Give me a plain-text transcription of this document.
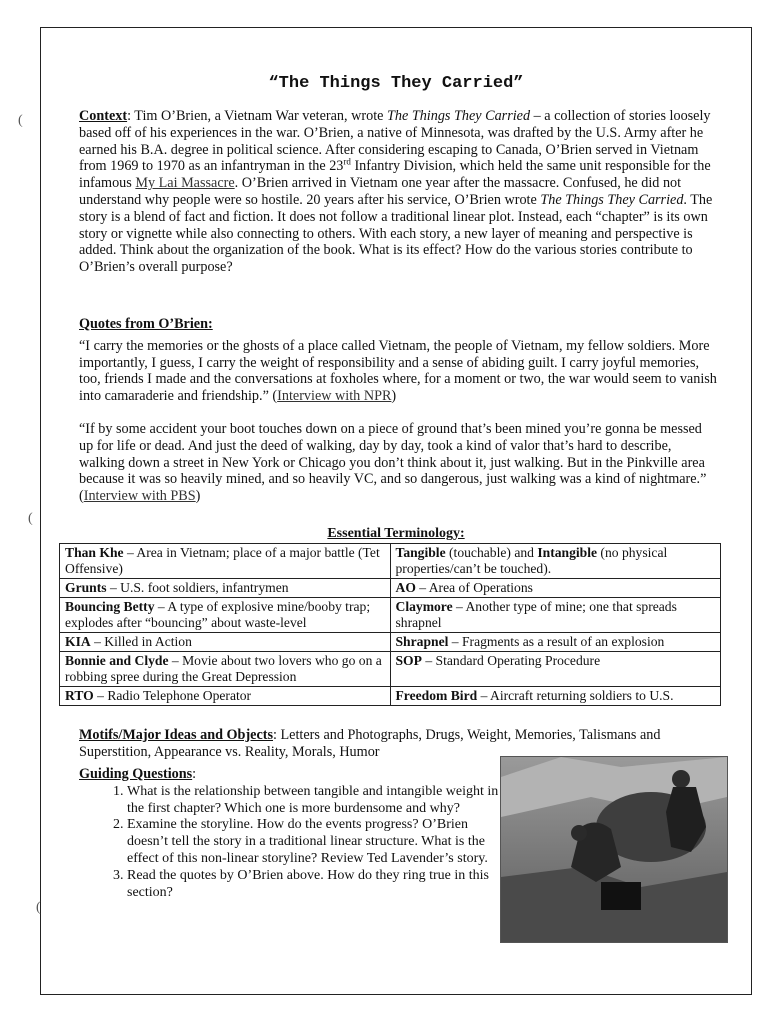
“The Things They Carried”

Context: Tim O’Brien, a Vietnam War veteran, wrote The Things They Carried – a collection of stories loosely based off of his experiences in the war. O’Brien, a native of Minnesota, was drafted by the U.S. Army after he earned his B.A. degree in political science. After considering escaping to Canada, O’Brien served in Vietnam from 1969 to 1970 as an infantryman in the 23rd Infantry Division, which held the same unit responsible for the infamous My Lai Massacre. O’Brien arrived in Vietnam one year after the massacre. Confused, he did not understand why people were so hostile. 20 years after his service, O’Brien wrote The Things They Carried. The story is a blend of fact and fiction. It does not follow a traditional linear plot. Instead, each “chapter” is its own story or vignette while also connecting to others. With each story, a new layer of meaning and perspective is added. Think about the organization of the book. What is its effect? How do the various stories contribute to O’Brien’s overall purpose?

Quotes from O’Brien:

“I carry the memories or the ghosts of a place called Vietnam, the people of Vietnam, my fellow soldiers. More importantly, I guess, I carry the weight of responsibility and a sense of abiding guilt. I carry joyful memories, too, friends I made and the conversations at foxholes where, for a moment or two, the war would seem to vanish into camaraderie and friendship.” (Interview with NPR)

“If by some accident your boot touches down on a piece of ground that’s been mined you’re gonna be messed up for life or dead. And just the deed of walking, day by day, took a kind of valor that’s hard to describe, walking down a street in New York or Chicago you don’t think about it, just walking. But in the Pinkville area because it was so heavily mined, and so heavily VC, and so dangerous, just walking was a kind of nightmare.” (Interview with PBS)

Essential Terminology:
Than Khe – Area in Vietnam; place of a major battle (Tet Offensive)	Tangible (touchable) and Intangible (no physical properties/can’t be touched).
Grunts – U.S. foot soldiers, infantrymen	AO – Area of Operations
Bouncing Betty – A type of explosive mine/booby trap; explodes after “bouncing” about waste-level	Claymore – Another type of mine; one that spreads shrapnel
KIA – Killed in Action	Shrapnel – Fragments as a result of an explosion
Bonnie and Clyde – Movie about two lovers who go on a robbing spree during the Great Depression	SOP – Standard Operating Procedure
RTO – Radio Telephone Operator	Freedom Bird – Aircraft returning soldiers to U.S.

Motifs/Major Ideas and Objects: Letters and Photographs, Drugs, Weight, Memories, Talismans and Superstition, Appearance vs. Reality, Morals, Humor

Guiding Questions:

1. What is the relationship between tangible and intangible weight in the first chapter? Which one is more burdensome and why?
2. Examine the storyline. How do the events progress? O’Brien doesn’t tell the story in a traditional linear structure. What is the effect of this non-linear storyline? Review Ted Lavender’s story.
3. Read the quotes by O’Brien above. How do they ring true in this section?
(
(
(
